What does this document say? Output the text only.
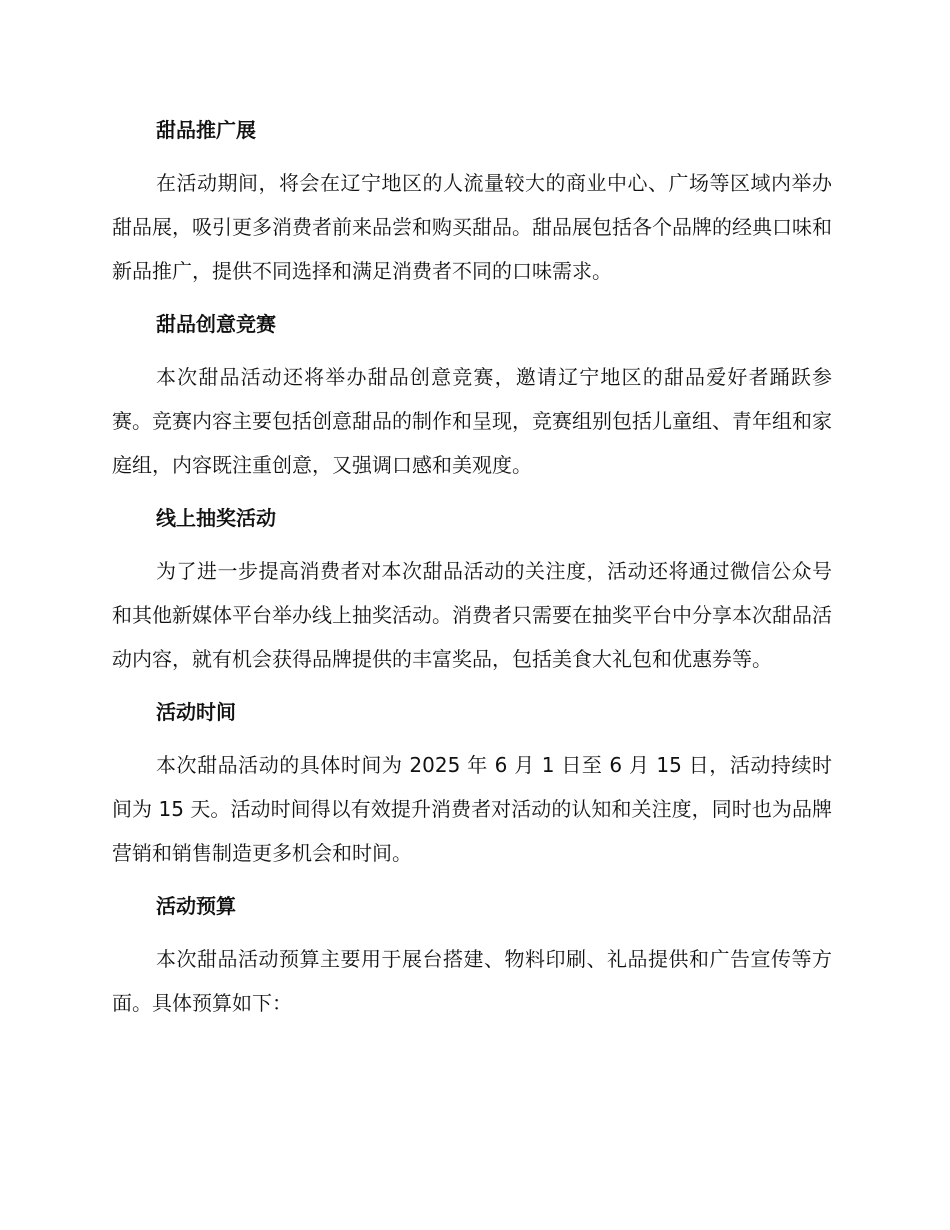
甜品推广展
在活动期间，将会在辽宁地区的人流量较大的商业中心、广场等区域内举办甜品展，吸引更多消费者前来品尝和购买甜品。甜品展包括各个品牌的经典口味和新品推广，提供不同选择和满足消费者不同的口味需求。
甜品创意竞赛
本次甜品活动还将举办甜品创意竞赛，邀请辽宁地区的甜品爱好者踊跃参赛。竞赛内容主要包括创意甜品的制作和呈现，竞赛组别包括儿童组、青年组和家庭组，内容既注重创意，又强调口感和美观度。
线上抽奖活动
为了进一步提高消费者对本次甜品活动的关注度，活动还将通过微信公众号和其他新媒体平台举办线上抽奖活动。消费者只需要在抽奖平台中分享本次甜品活动内容，就有机会获得品牌提供的丰富奖品，包括美食大礼包和优惠券等。
活动时间
本次甜品活动的具体时间为 2025 年 6 月 1 日至 6 月 15 日，活动持续时间为 15 天。活动时间得以有效提升消费者对活动的认知和关注度，同时也为品牌营销和销售制造更多机会和时间。
活动预算
本次甜品活动预算主要用于展台搭建、物料印刷、礼品提供和广告宣传等方面。具体预算如下：
